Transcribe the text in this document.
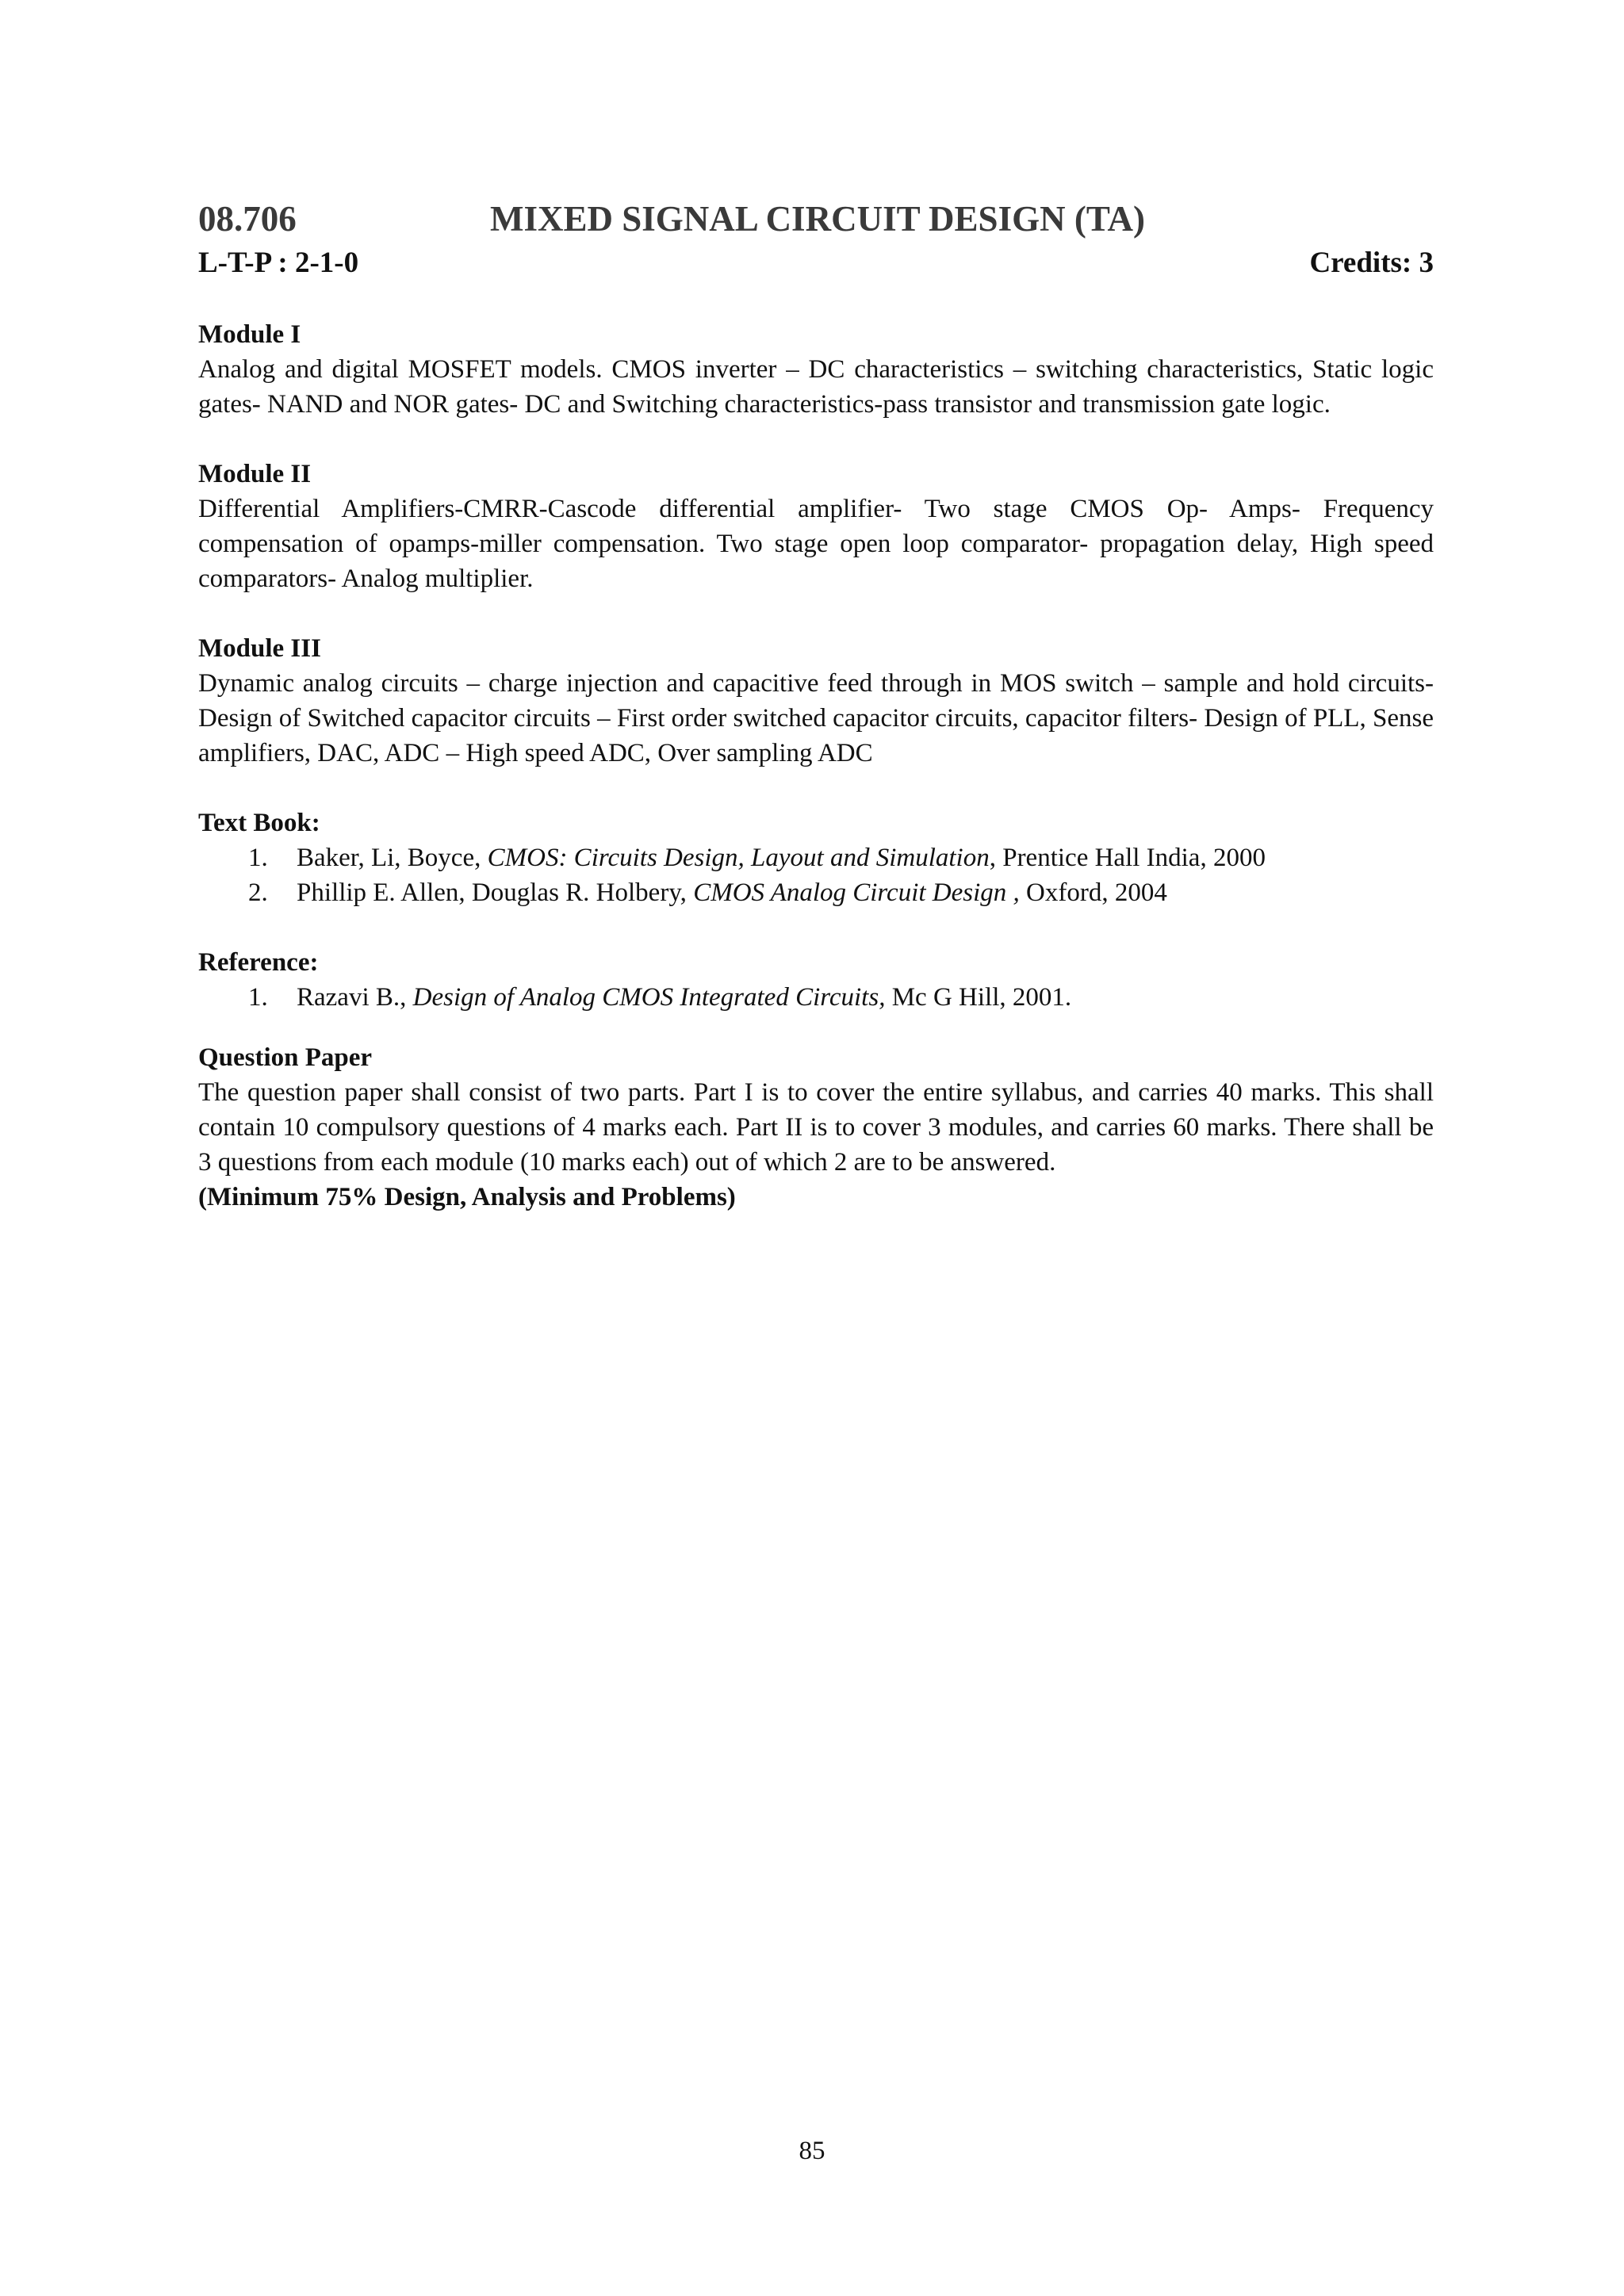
08.706	MIXED SIGNAL CIRCUIT DESIGN (TA)
L-T-P : 2-1-0	Credits: 3
Module I

Analog and digital MOSFET models. CMOS inverter – DC characteristics – switching characteristics, Static logic gates- NAND and NOR gates- DC and Switching characteristics-pass transistor and transmission gate logic.

Module II

Differential Amplifiers-CMRR-Cascode differential amplifier- Two stage CMOS Op- Amps- Frequency compensation of opamps-miller compensation. Two stage open loop comparator- propagation delay, High speed comparators- Analog multiplier.

Module III

Dynamic analog circuits – charge injection and capacitive feed through in MOS switch – sample and hold circuits- Design of Switched capacitor circuits – First order switched capacitor circuits, capacitor filters- Design of PLL, Sense amplifiers, DAC, ADC – High speed ADC, Over sampling ADC

Text Book:
1. Baker, Li, Boyce, CMOS: Circuits Design, Layout and Simulation, Prentice Hall India, 2000
2. Phillip E. Allen, Douglas R. Holbery, CMOS Analog Circuit Design , Oxford, 2004
Reference:
1. Razavi B., Design of Analog CMOS Integrated Circuits, Mc G Hill, 2001.
Question Paper

The question paper shall consist of two parts. Part I is to cover the entire syllabus, and carries 40 marks. This shall contain 10 compulsory questions of 4 marks each. Part II is to cover 3 modules, and carries 60 marks. There shall be 3 questions from each module (10 marks each) out of which 2 are to be answered.

(Minimum 75% Design, Analysis and Problems)
85
